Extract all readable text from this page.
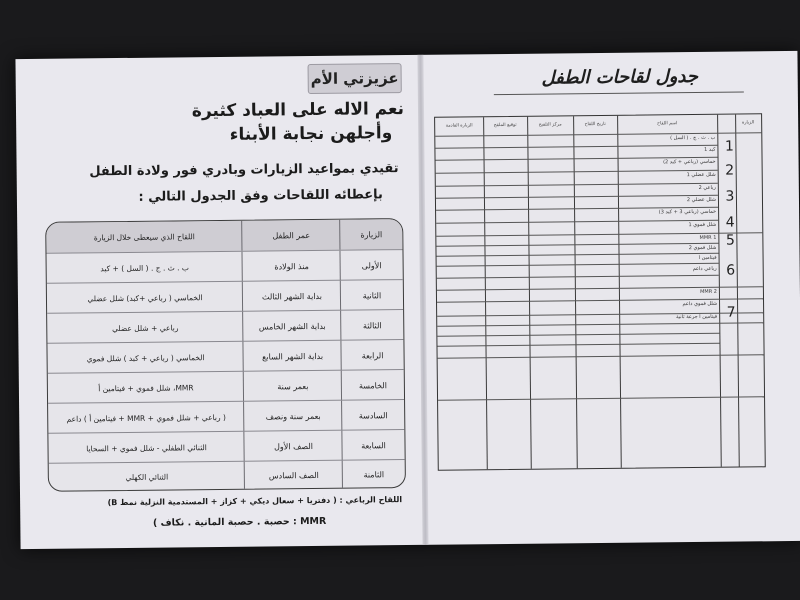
عزيزتي الأم
نعم الاله على العباد كثيرة
وأجلهن نجابة الأبناء
تقيدي بمواعيد الزيارات وبادري فور ولادة الطفل
بإعطائه اللقاحات وفق الجدول التالي :
الزيارة
عمر الطفل
اللقاح الذي سيعطى خلال الزيارة
الأولى
منذ الولادة
ب . ث . ج . ( السل ) + كبد
الثانية
بداية الشهر الثالث
الخماسي ( رباعي +كبد) شلل عضلي
الثالثة
بداية الشهر الخامس
رباعي + شلل عضلي
الرابعة
بداية الشهر السابع
الخماسي ( رباعي + كبد ) شلل فموي
الخامسة
بعمر سنة
MMR، شلل فموي + فيتامين أ
السادسة
بعمر سنة ونصف
( رباعي + شلل فموي + MMR + فيتامين أ ) داعم
السابعة
الصف الأول
الثنائي الطفلي - شلل فموي + السحايا
الثامنة
الصف السادس
الثنائي الكهلي
اللقاح الرباعي : ( دفتريا + سعال ديكي + كزاز + المستدمية النزلية نمط B)
MMR : حصبة . حصبة المانية . نكاف )
جدول لقاحات الطفل
الزيارة
اسم اللقاح
تاريخ اللقاح
مركز التلقيح
توقيع الملقح
الزيارة القادمة
1
2
3
4
5
6
7
ب . ث . ج . ( السل )
كبد 1
خماسي (رباعي + كبد 2)
شلل عضلي 1
رباعي 2
شلل عضلي 2
خماسي (رباعي 3 + كبد 3)
شلل فموي 1
MMR 1
شلل فموي 2
فيتامين أ
رباعي داعم
MMR 2
شلل فموي داعم
فيتامين أ جرعة ثانية
